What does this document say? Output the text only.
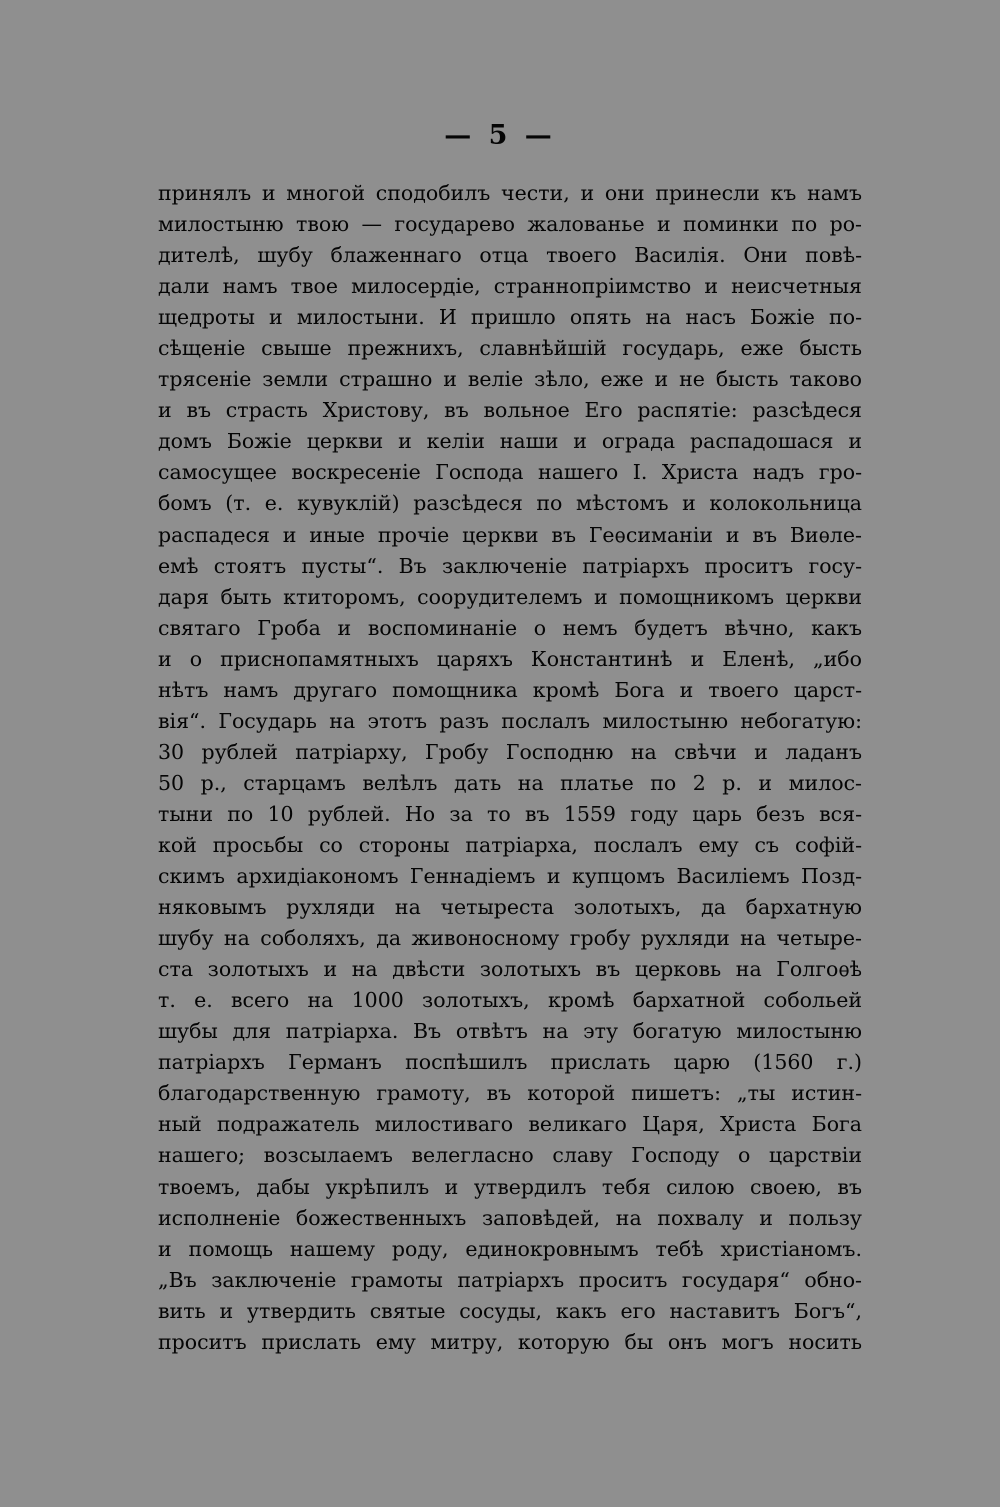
— 5 —
принялъ и многой сподобилъ чести, и они принесли къ намъ
милостыню твою — государево жалованье и поминки по ро-
дителѣ, шубу блаженнаго отца твоего Василія. Они повѣ-
дали намъ твое милосердіе, страннопріимство и неисчетныя
щедроты и милостыни. И пришло опять на насъ Божіе по-
сѣщеніе свыше прежнихъ, славнѣйшій государь, еже бысть
трясеніе земли страшно и веліе зѣло, еже и не бысть таково
и въ страсть Христову, въ вольное Его распятіе: разсѣдеся
домъ Божіе церкви и келіи наши и ограда распадошася и
самосущее воскресеніе Господа нашего І. Христа надъ гро-
бомъ (т. е. кувуклій) разсѣдеся по мѣстомъ и колокольница
распадеся и иные прочіе церкви въ Геѳсиманіи и въ Виѳле-
емѣ стоятъ пусты“. Въ заключеніе патріархъ проситъ госу-
даря быть ктиторомъ, соорудителемъ и помощникомъ церкви
святаго Гроба и воспоминаніе о немъ будетъ вѣчно, какъ
и о приснопамятныхъ царяхъ Константинѣ и Еленѣ, „ибо
нѣтъ намъ другаго помощника кромѣ Бога и твоего царст-
вія“. Государь на этотъ разъ послалъ милостыню небогатую:
30 рублей патріарху, Гробу Господню на свѣчи и ладанъ
50 р., старцамъ велѣлъ дать на платье по 2 р. и милос-
тыни по 10 рублей. Но за то въ 1559 году царь безъ вся-
кой просьбы со стороны патріарха, послалъ ему съ софій-
скимъ архидіакономъ Геннадіемъ и купцомъ Василіемъ Позд-
няковымъ рухляди на четыреста золотыхъ, да бархатную
шубу на соболяхъ, да живоносному гробу рухляди на четыре-
ста золотыхъ и на двѣсти золотыхъ въ церковь на Голгоѳѣ
т. е. всего на 1000 золотыхъ, кромѣ бархатной собольей
шубы для патріарха. Въ отвѣтъ на эту богатую милостыню
патріархъ Германъ поспѣшилъ прислать царю (1560 г.)
благодарственную грамоту, въ которой пишетъ: „ты истин-
ный подражатель милостиваго великаго Царя, Христа Бога
нашего; возсылаемъ велегласно славу Господу о царствіи
твоемъ, дабы укрѣпилъ и утвердилъ тебя силою своею, въ
исполненіе божественныхъ заповѣдей, на похвалу и пользу
и помощь нашему роду, единокровнымъ тебѣ христіаномъ.
„Въ заключеніе грамоты патріархъ проситъ государя“ обно-
вить и утвердить святые сосуды, какъ его наставитъ Богъ“,
проситъ прислать ему митру, которую бы онъ могъ носить
